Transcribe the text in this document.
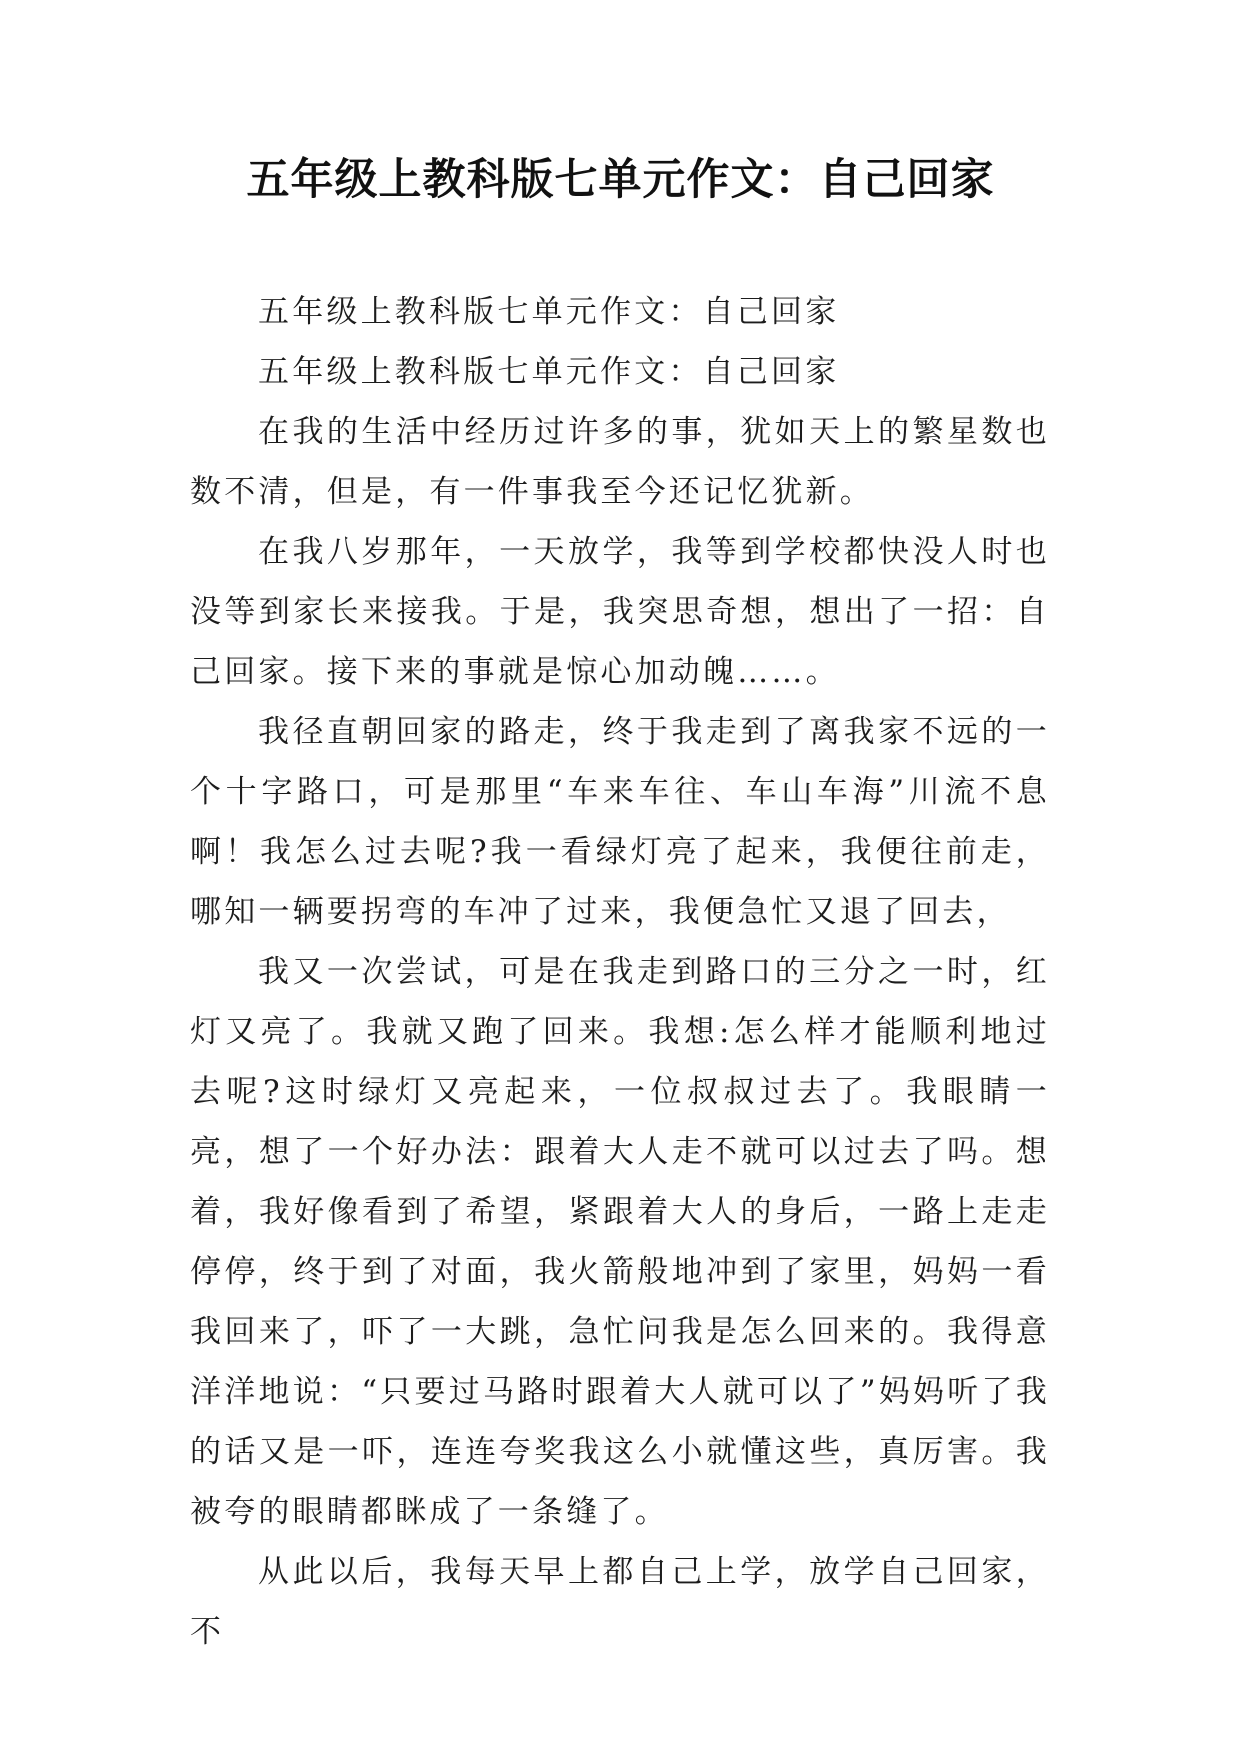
五年级上教科版七单元作文：自己回家

五年级上教科版七单元作文：自己回家

五年级上教科版七单元作文：自己回家

在我的生活中经历过许多的事，犹如天上的繁星数也数不清，但是，有一件事我至今还记忆犹新。

在我八岁那年，一天放学，我等到学校都快没人时也没等到家长来接我。于是，我突思奇想，想出了一招：自己回家。接下来的事就是惊心加动魄……。

我径直朝回家的路走，终于我走到了离我家不远的一个十字路口，可是那里“车来车往、车山车海”川流不息啊！我怎么过去呢?我一看绿灯亮了起来，我便往前走，哪知一辆要拐弯的车冲了过来，我便急忙又退了回去，

我又一次尝试，可是在我走到路口的三分之一时，红灯又亮了。我就又跑了回来。我想:怎么样才能顺利地过去呢?这时绿灯又亮起来，一位叔叔过去了。我眼睛一亮，想了一个好办法：跟着大人走不就可以过去了吗。想着，我好像看到了希望，紧跟着大人的身后，一路上走走停停，终于到了对面，我火箭般地冲到了家里，妈妈一看我回来了，吓了一大跳，急忙问我是怎么回来的。我得意洋洋地说：“只要过马路时跟着大人就可以了”妈妈听了我的话又是一吓，连连夸奖我这么小就懂这些，真厉害。我被夸的眼睛都眯成了一条缝了。

从此以后，我每天早上都自己上学，放学自己回家，不
